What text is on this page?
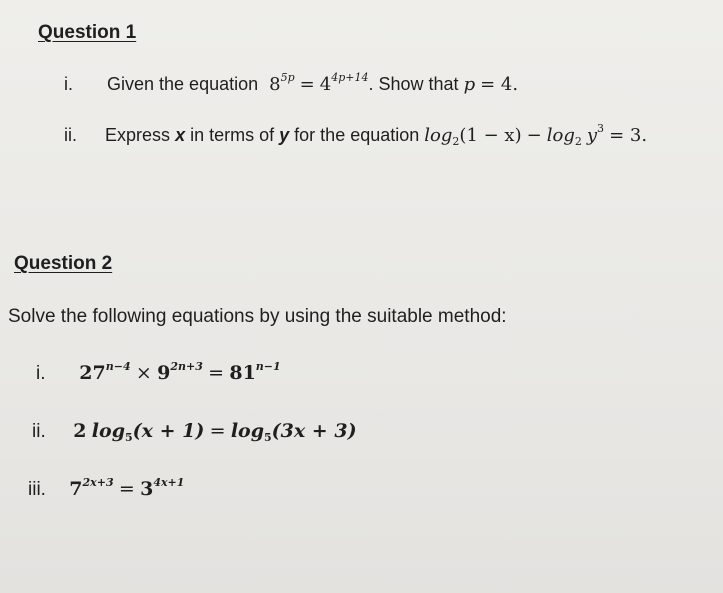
Question 1
i. Given the equation $8^{5p} = 4^{4p+14}$. Show that p = 4.
ii. Express x in terms of y for the equation $\log_2(1 - x) - \log_2 y^3 = 3$.
Question 2
Solve the following equations by using the suitable method:
i. $27^{n-4} \times 9^{2n+3} = 81^{n-1}$
ii. 2 $\log_5(x + 1) = \log_5(3x + 3)$
iii. $7^{2x+3} = 3^{4x+1}$
